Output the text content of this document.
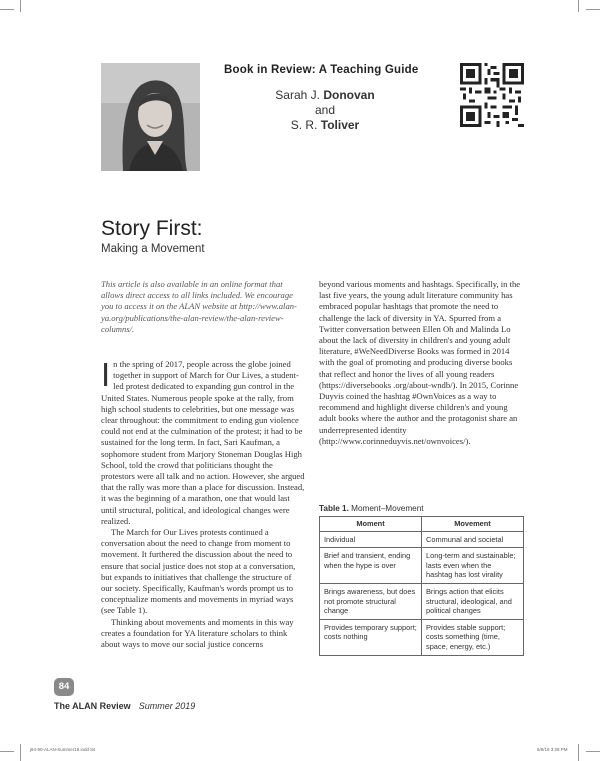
Book in Review: A Teaching Guide
Sarah J. Donovan
and
S. R. Toliver
Story First:
Making a Movement

This article is also available in an online format that allows direct access to all links included. We encourage you to access it on the ALAN website at http://www.alan-ya.org/publications/the-alan-review/the-alan-review-columns/.

In the spring of 2017, people across the globe joined together in support of March for Our Lives, a student-led protest dedicated to expanding gun control in the United States. Numerous people spoke at the rally, from high school students to celebrities, but one message was clear throughout: the commitment to ending gun violence could not end at the culmination of the protest; it had to be sustained for the long term. In fact, Sari Kaufman, a sophomore student from Marjory Stoneman Douglas High School, told the crowd that politicians thought the protestors were all talk and no action. However, she argued that the rally was more than a place for discussion. Instead, it was the beginning of a marathon, one that would last until structural, political, and ideological changes were realized.

The March for Our Lives protests continued a conversation about the need to change from moment to movement. It furthered the discussion about the need to ensure that social justice does not stop at a conversation, but expands to initiatives that challenge the structure of our society. Specifically, Kaufman's words prompt us to conceptualize moments and movements in myriad ways (see Table 1).

Thinking about movements and moments in this way creates a foundation for YA literature scholars to think about ways to move our social justice concerns

beyond various moments and hashtags. Specifically, in the last five years, the young adult literature community has embraced popular hashtags that promote the need to challenge the lack of diversity in YA. Spurred from a Twitter conversation between Ellen Oh and Malinda Lo about the lack of diversity in children's and young adult literature, #WeNeedDiverse Books was formed in 2014 with the goal of promoting and producing diverse books that reflect and honor the lives of all young readers (https://diversebooks .org/about-wndb/). In 2015, Corinne Duyvis coined the hashtag #OwnVoices as a way to recommend and highlight diverse children's and young adult books where the author and the protagonist share an underrepresented identity (http://www.corinneduyvis.net/ownvoices/).

Table 1. Moment–Movement
Moment	Movement
Individual	Communal and societal
Brief and transient, ending when the hype is over	Long-term and sustainable; lasts even when the hashtag has lost virality
Brings awareness, but does not promote structural change	Brings action that elicits structural, ideological, and political changes
Provides temporary support; costs nothing	Provides stable support; costs something (time, space, energy, etc.)
84
The ALAN Review Summer 2019
j84-90-ALAN-Summer19.indd 84	5/8/19 3:28 PM
